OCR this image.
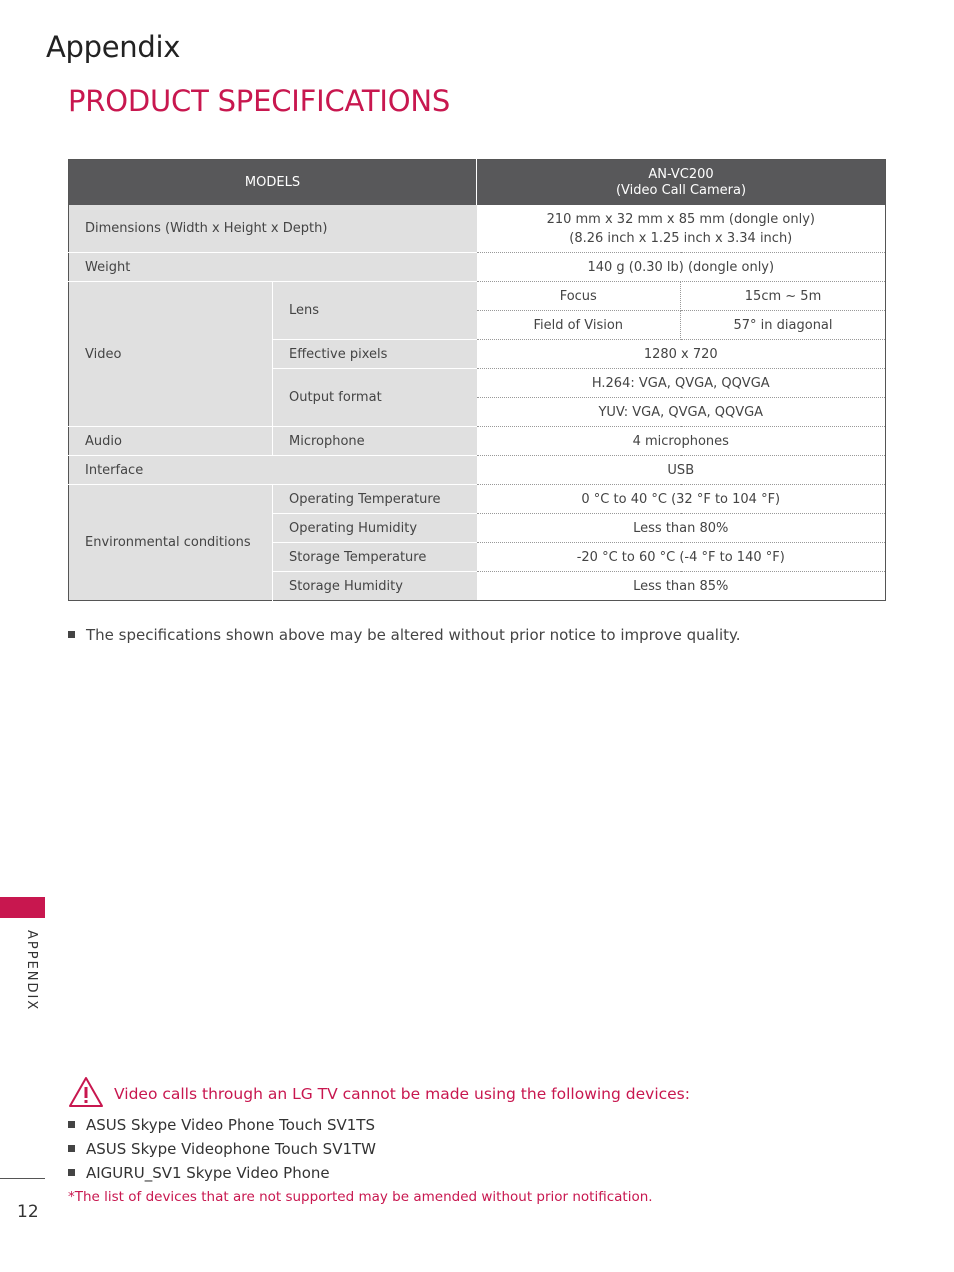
Appendix
PRODUCT SPECIFICATIONS
MODELS		AN-VC200
(Video Call Camera)	

Dimensions (Width x Height x Depth)		210 mm x 32 mm x 85 mm (dongle only)
(8.26 inch x 1.25 inch x 3.34 inch)	

Weight		140 g (0.30 lb) (dongle only)	
Video	Lens	Focus	15cm ~ 5m
		Field of Vision	57° in diagonal
	Effective pixels	1280 x 720	
	Output format	H.264: VGA, QVGA, QQVGA	
		YUV: VGA, QVGA, QQVGA	
Audio	Microphone	4 microphones	
Interface		USB	
Environmental conditions	Operating Temperature	0 °C to 40 °C (32 °F to 104 °F)	
	Operating Humidity	Less than 80%	
	Storage Temperature	-20 °C to 60 °C (-4 °F to 140 °F)	
	Storage Humidity	Less than 85%	
The specifications shown above may be altered without prior notice to improve quality.
APPENDIX
12
Video calls through an LG TV cannot be made using the following devices:
ASUS Skype Video Phone Touch SV1TS
ASUS Skype Videophone Touch SV1TW
AIGURU_SV1 Skype Video Phone
*The list of devices that are not supported may be amended without prior notification.
